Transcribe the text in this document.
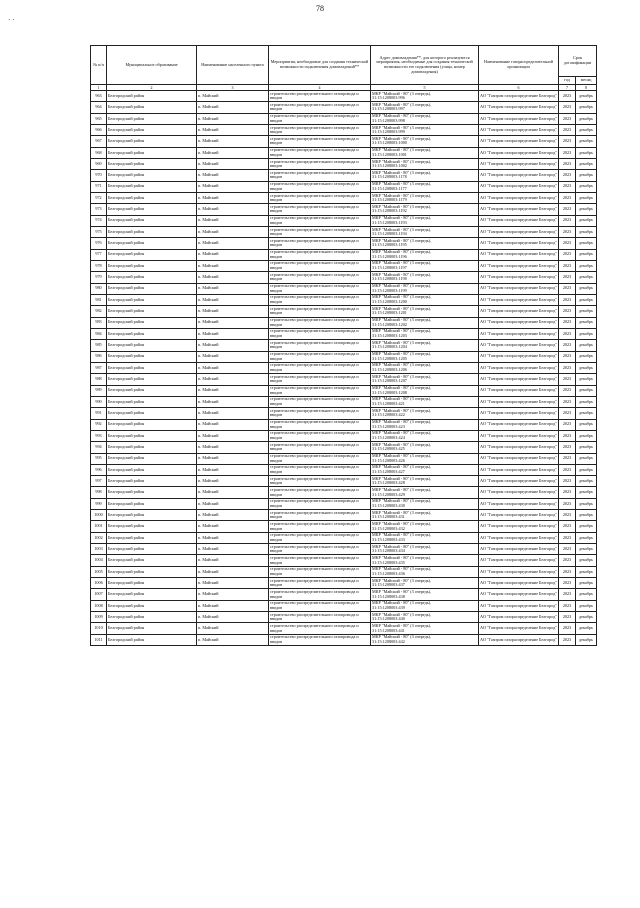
· ·
78
№ п/п	Муниципальное образование	Наименование населенного пункта	Мероприятия, необходимые для создания технической возможности подключения домовладений**	Адрес домовладения**, для которого реализуются мероприятия, необходимые для создания технической возможности его подключения (улица, номер домовладения)	Наименование газораспределительной организации	Срок догазификации	
						год	месяц
1	2	3	4	5	6	7	8
963	Белгородский район	п. Майский	строительство распределительного газопровода и вводов	МКР "Майский - 80" (3 очередь),
31:15:1208003:996	АО "Газпром газораспределение Белгород"	2023	декабрь
964	Белгородский район	п. Майский	строительство распределительного газопровода и вводов	МКР "Майский - 80" (3 очередь),
31:15:1208003:997	АО "Газпром газораспределение Белгород"	2023	декабрь
965	Белгородский район	п. Майский	строительство распределительного газопровода и вводов	МКР "Майский - 80" (3 очередь),
31:15:1208003:998	АО "Газпром газораспределение Белгород"	2023	декабрь
966	Белгородский район	п. Майский	строительство распределительного газопровода и вводов	МКР "Майский - 80" (3 очередь),
31:15:1208003:999	АО "Газпром газораспределение Белгород"	2023	декабрь
967	Белгородский район	п. Майский	строительство распределительного газопровода и вводов	МКР "Майский - 80" (3 очередь),
31:15:1208003:1000	АО "Газпром газораспределение Белгород"	2023	декабрь
968	Белгородский район	п. Майский	строительство распределительного газопровода и вводов	МКР "Майский - 80" (3 очередь),
31:15:1208003:1001	АО "Газпром газораспределение Белгород"	2023	декабрь
969	Белгородский район	п. Майский	строительство распределительного газопровода и вводов	МКР "Майский - 80" (3 очередь),
31:15:1208003:1002	АО "Газпром газораспределение Белгород"	2023	декабрь
970	Белгородский район	п. Майский	строительство распределительного газопровода и вводов	МКР "Майский - 80" (3 очередь),
31:15:1208003:1178	АО "Газпром газораспределение Белгород"	2023	декабрь
971	Белгородский район	п. Майский	строительство распределительного газопровода и вводов	МКР "Майский - 80" (3 очередь),
31:15:1208003:1177	АО "Газпром газораспределение Белгород"	2023	декабрь
972	Белгородский район	п. Майский	строительство распределительного газопровода и вводов	МКР "Майский - 80" (3 очередь),
31:15:1208003:1179	АО "Газпром газораспределение Белгород"	2023	декабрь
973	Белгородский район	п. Майский	строительство распределительного газопровода и вводов	МКР "Майский - 80" (3 очередь),
31:15:1208003:1192	АО "Газпром газораспределение Белгород"	2023	декабрь
974	Белгородский район	п. Майский	строительство распределительного газопровода и вводов	МКР "Майский - 80" (3 очередь),
31:15:1208003:1193	АО "Газпром газораспределение Белгород"	2023	декабрь
975	Белгородский район	п. Майский	строительство распределительного газопровода и вводов	МКР "Майский - 80" (3 очередь),
31:15:1208003:1194	АО "Газпром газораспределение Белгород"	2023	декабрь
976	Белгородский район	п. Майский	строительство распределительного газопровода и вводов	МКР "Майский - 80" (3 очередь),
31:15:1208003:1195	АО "Газпром газораспределение Белгород"	2023	декабрь
977	Белгородский район	п. Майский	строительство распределительного газопровода и вводов	МКР "Майский - 80" (3 очередь),
31:15:1208003:1196	АО "Газпром газораспределение Белгород"	2023	декабрь
978	Белгородский район	п. Майский	строительство распределительного газопровода и вводов	МКР "Майский - 80" (3 очередь),
31:15:1208003:1197	АО "Газпром газораспределение Белгород"	2023	декабрь
979	Белгородский район	п. Майский	строительство распределительного газопровода и вводов	МКР "Майский - 80" (3 очередь),
31:15:1208003:1198	АО "Газпром газораспределение Белгород"	2023	декабрь
980	Белгородский район	п. Майский	строительство распределительного газопровода и вводов	МКР "Майский - 80" (3 очередь),
31:15:1208003:1199	АО "Газпром газораспределение Белгород"	2023	декабрь
981	Белгородский район	п. Майский	строительство распределительного газопровода и вводов	МКР "Майский - 80" (3 очередь),
31:15:1208003:1200	АО "Газпром газораспределение Белгород"	2023	декабрь
982	Белгородский район	п. Майский	строительство распределительного газопровода и вводов	МКР "Майский - 80" (3 очередь),
31:15:1208003:1201	АО "Газпром газораспределение Белгород"	2023	декабрь
983	Белгородский район	п. Майский	строительство распределительного газопровода и вводов	МКР "Майский - 80" (3 очередь),
31:15:1208003:1202	АО "Газпром газораспределение Белгород"	2023	декабрь
984	Белгородский район	п. Майский	строительство распределительного газопровода и вводов	МКР "Майский - 80" (3 очередь),
31:15:1208003:1203	АО "Газпром газораспределение Белгород"	2023	декабрь
985	Белгородский район	п. Майский	строительство распределительного газопровода и вводов	МКР "Майский - 80" (3 очередь),
31:15:1208003:1204	АО "Газпром газораспределение Белгород"	2023	декабрь
986	Белгородский район	п. Майский	строительство распределительного газопровода и вводов	МКР "Майский - 80" (3 очередь),
31:15:1208003:1205	АО "Газпром газораспределение Белгород"	2023	декабрь
987	Белгородский район	п. Майский	строительство распределительного газопровода и вводов	МКР "Майский - 80" (3 очередь),
31:15:1208003:1206	АО "Газпром газораспределение Белгород"	2023	декабрь
988	Белгородский район	п. Майский	строительство распределительного газопровода и вводов	МКР "Майский - 80" (3 очередь),
31:15:1208003:1207	АО "Газпром газораспределение Белгород"	2023	декабрь
989	Белгородский район	п. Майский	строительство распределительного газопровода и вводов	МКР "Майский - 80" (3 очередь),
31:15:1208003:1208	АО "Газпром газораспределение Белгород"	2023	декабрь
990	Белгородский район	п. Майский	строительство распределительного газопровода и вводов	МКР "Майский - 80" (3 очередь),
31:15:1208003:421	АО "Газпром газораспределение Белгород"	2023	декабрь
991	Белгородский район	п. Майский	строительство распределительного газопровода и вводов	МКР "Майский - 80" (3 очередь),
31:15:1208003:422	АО "Газпром газораспределение Белгород"	2023	декабрь
992	Белгородский район	п. Майский	строительство распределительного газопровода и вводов	МКР "Майский - 80" (3 очередь),
31:15:1208003:423	АО "Газпром газораспределение Белгород"	2023	декабрь
993	Белгородский район	п. Майский	строительство распределительного газопровода и вводов	МКР "Майский - 80" (3 очередь),
31:15:1208003:424	АО "Газпром газораспределение Белгород"	2023	декабрь
994	Белгородский район	п. Майский	строительство распределительного газопровода и вводов	МКР "Майский - 80" (3 очередь),
31:15:1208003:425	АО "Газпром газораспределение Белгород"	2023	декабрь
995	Белгородский район	п. Майский	строительство распределительного газопровода и вводов	МКР "Майский - 80" (3 очередь),
31:15:1208003:426	АО "Газпром газораспределение Белгород"	2023	декабрь
996	Белгородский район	п. Майский	строительство распределительного газопровода и вводов	МКР "Майский - 80" (3 очередь),
31:15:1208003:427	АО "Газпром газораспределение Белгород"	2023	декабрь
997	Белгородский район	п. Майский	строительство распределительного газопровода и вводов	МКР "Майский - 80" (3 очередь),
31:15:1208003:428	АО "Газпром газораспределение Белгород"	2023	декабрь
998	Белгородский район	п. Майский	строительство распределительного газопровода и вводов	МКР "Майский - 80" (3 очередь),
31:15:1208003:429	АО "Газпром газораспределение Белгород"	2023	декабрь
999	Белгородский район	п. Майский	строительство распределительного газопровода и вводов	МКР "Майский - 80" (3 очередь),
31:15:1208003:430	АО "Газпром газораспределение Белгород"	2023	декабрь
1000	Белгородский район	п. Майский	строительство распределительного газопровода и вводов	МКР "Майский - 80" (3 очередь),
31:15:1208003:431	АО "Газпром газораспределение Белгород"	2023	декабрь
1001	Белгородский район	п. Майский	строительство распределительного газопровода и вводов	МКР "Майский - 80" (3 очередь),
31:15:1208003:432	АО "Газпром газораспределение Белгород"	2023	декабрь
1002	Белгородский район	п. Майский	строительство распределительного газопровода и вводов	МКР "Майский - 80" (3 очередь),
31:15:1208003:433	АО "Газпром газораспределение Белгород"	2023	декабрь
1003	Белгородский район	п. Майский	строительство распределительного газопровода и вводов	МКР "Майский - 80" (3 очередь),
31:15:1208003:434	АО "Газпром газораспределение Белгород"	2023	декабрь
1004	Белгородский район	п. Майский	строительство распределительного газопровода и вводов	МКР "Майский - 80" (3 очередь),
31:15:1208003:435	АО "Газпром газораспределение Белгород"	2023	декабрь
1005	Белгородский район	п. Майский	строительство распределительного газопровода и вводов	МКР "Майский - 80" (3 очередь),
31:15:1208003:436	АО "Газпром газораспределение Белгород"	2023	декабрь
1006	Белгородский район	п. Майский	строительство распределительного газопровода и вводов	МКР "Майский - 80" (3 очередь),
31:15:1208003:437	АО "Газпром газораспределение Белгород"	2023	декабрь
1007	Белгородский район	п. Майский	строительство распределительного газопровода и вводов	МКР "Майский - 80" (3 очередь),
31:15:1208003:438	АО "Газпром газораспределение Белгород"	2023	декабрь
1008	Белгородский район	п. Майский	строительство распределительного газопровода и вводов	МКР "Майский - 80" (3 очередь),
31:15:1208003:439	АО "Газпром газораспределение Белгород"	2023	декабрь
1009	Белгородский район	п. Майский	строительство распределительного газопровода и вводов	МКР "Майский - 80" (3 очередь),
31:15:1208003:440	АО "Газпром газораспределение Белгород"	2023	декабрь
1010	Белгородский район	п. Майский	строительство распределительного газопровода и вводов	МКР "Майский - 80" (3 очередь),
31:15:1208003:441	АО "Газпром газораспределение Белгород"	2023	декабрь
1011	Белгородский район	п. Майский	строительство распределительного газопровода и вводов	МКР "Майский - 80" (3 очередь),
31:15:1208003:442	АО "Газпром газораспределение Белгород"	2023	декабрь
